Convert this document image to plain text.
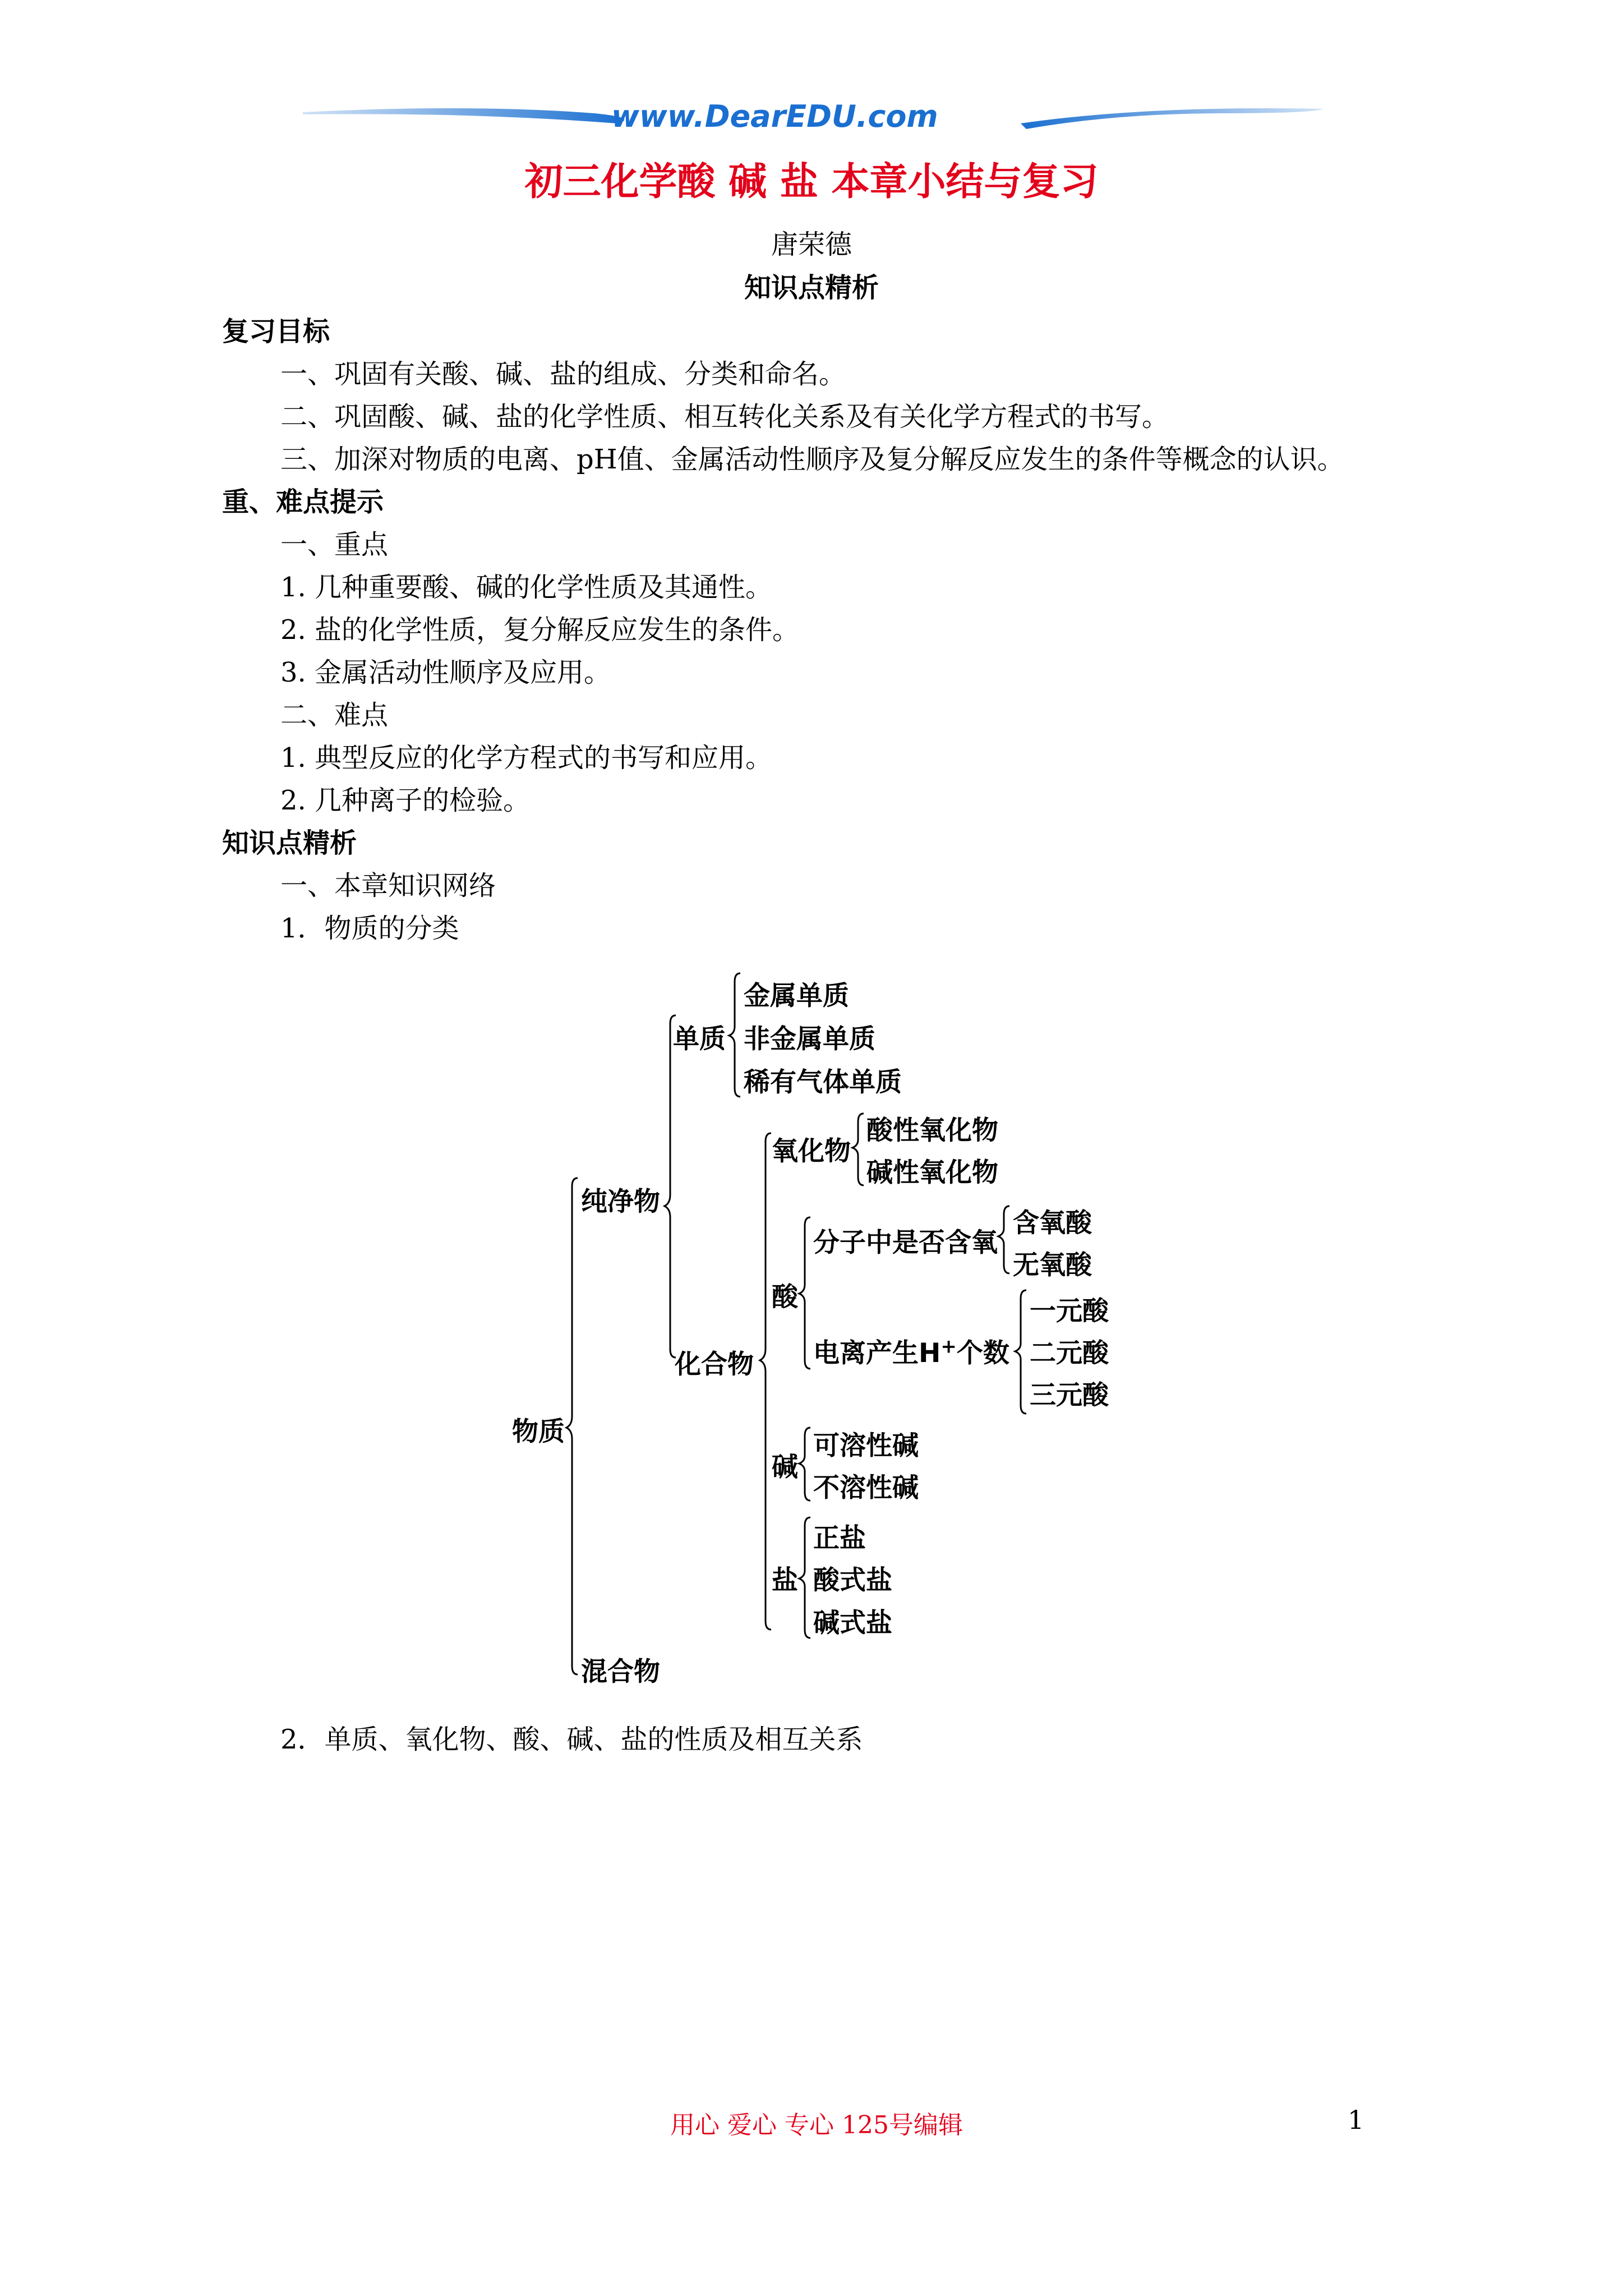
www.DearEDU.com
初三化学酸 碱 盐 本章小结与复习
唐荣德
知识点精析
复习目标
一、巩固有关酸、碱、盐的组成、分类和命名。
二、巩固酸、碱、盐的化学性质、相互转化关系及有关化学方程式的书写。
三、加深对物质的电离、pH值、金属活动性顺序及复分解反应发生的条件等概念的认识。
重、难点提示
一、重点
1. 几种重要酸、碱的化学性质及其通性。
2. 盐的化学性质，复分解反应发生的条件。
3. 金属活动性顺序及应用。
二、难点
1. 典型反应的化学方程式的书写和应用。
2. 几种离子的检验。
知识点精析
一、本章知识网络
1．物质的分类
物质
纯净物
混合物
单质
金属单质
非金属单质
稀有气体单质
化合物
氧化物
酸性氧化物
碱性氧化物
酸
分子中是否含氧
含氧酸
无氧酸
电离产生H+个数
一元酸
二元酸
三元酸
碱
可溶性碱
不溶性碱
盐
正盐
酸式盐
碱式盐
2．单质、氧化物、酸、碱、盐的性质及相互关系
用心 爱心 专心 125号编辑	1
